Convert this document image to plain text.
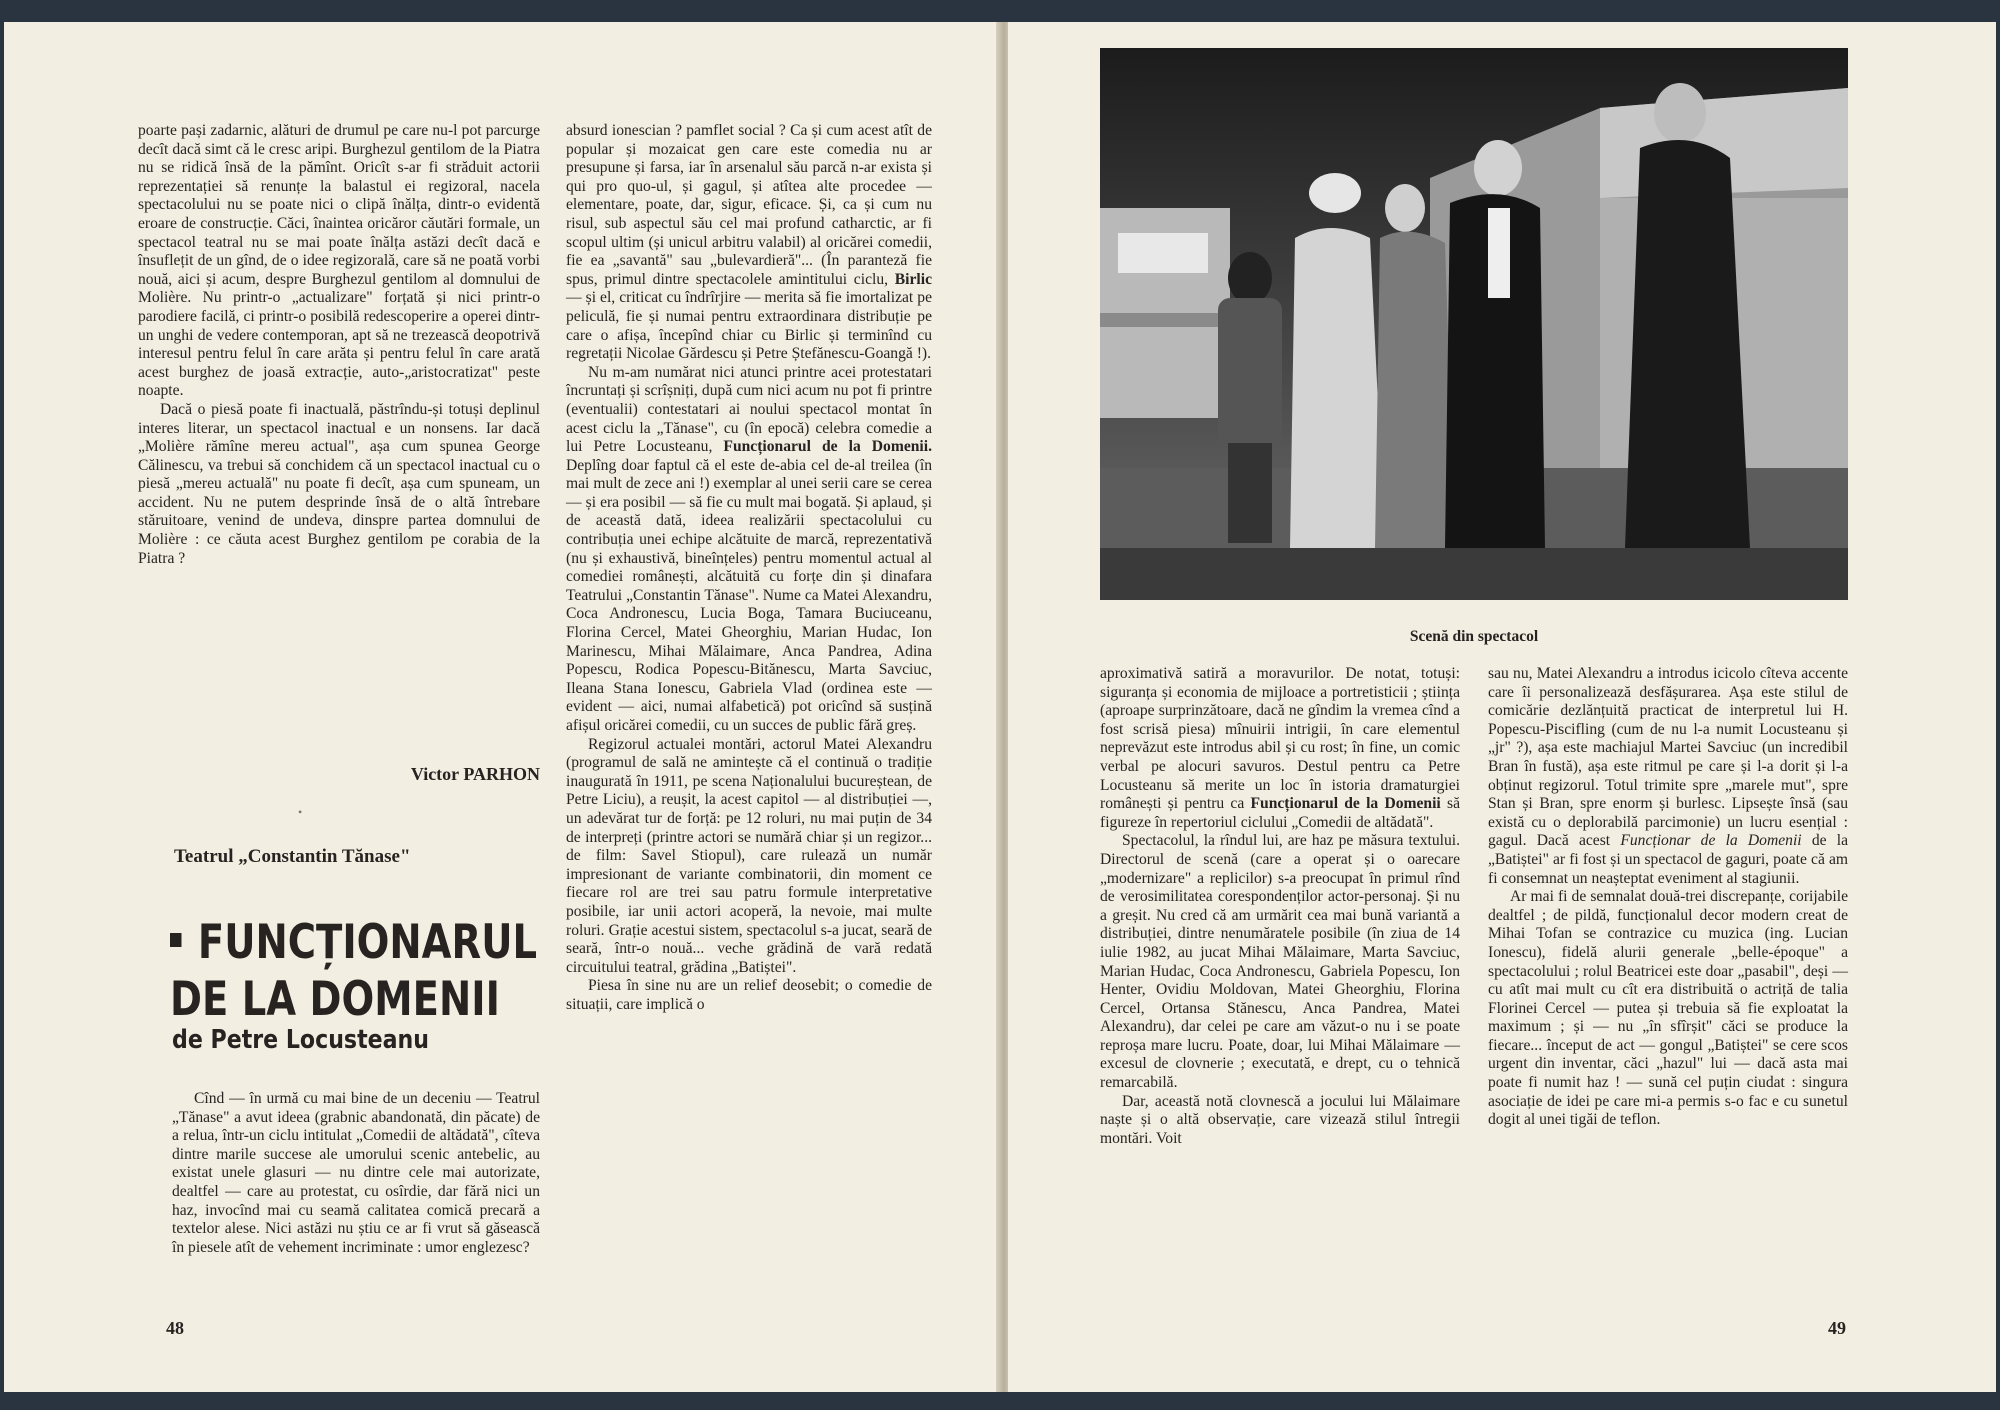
poarte pași zadarnic, alături de drumul pe care nu-l pot parcurge decît dacă simt că le cresc aripi. Burghezul gentilom de la Piatra nu se ridică însă de la pămînt. Oricît s-ar fi străduit actorii reprezentației să renunțe la balastul ei regizoral, nacela spectacolului nu se poate nici o clipă înălța, dintr-o evidentă eroare de construcție. Căci, înaintea oricăror căutări formale, un spectacol teatral nu se mai poate înălța astăzi decît dacă e însuflețit de un gînd, de o idee regizorală, care să ne poată vorbi nouă, aici și acum, despre Burghezul gentilom al domnului de Molière. Nu printr-o „actualizare" forțată și nici printr-o parodiere facilă, ci printr-o posibilă redescoperire a operei dintr-un unghi de vedere contemporan, apt să ne trezească deopotrivă interesul pentru felul în care arăta și pentru felul în care arată acest burghez de joasă extracție, auto-„aristocratizat" peste noapte.

Dacă o piesă poate fi inactuală, păstrîndu-și totuși deplinul interes literar, un spectacol inactual e un nonsens. Iar dacă „Molière rămîne mereu actual", așa cum spunea George Călinescu, va trebui să conchidem că un spectacol inactual cu o piesă „mereu actuală" nu poate fi decît, așa cum spuneam, un accident. Nu ne putem desprinde însă de o altă întrebare stăruitoare, venind de undeva, dinspre partea domnului de Molière : ce căuta acest Burghez gentilom pe corabia de la Piatra ?

Victor PARHON
•
Teatrul „Constantin Tănase"
FUNCȚIONARUL
DE LA DOMENII
de Petre Locusteanu

Cînd — în urmă cu mai bine de un deceniu — Teatrul „Tănase" a avut ideea (grabnic abandonată, din păcate) de a relua, într-un ciclu intitulat „Comedii de altădată", cîteva dintre marile succese ale umorului scenic antebelic, au existat unele glasuri — nu dintre cele mai autorizate, dealtfel — care au protestat, cu osîrdie, dar fără nici un haz, invocînd mai cu seamă calitatea comică precară a textelor alese. Nici astăzi nu știu ce ar fi vrut să găsească în piesele atît de vehement incriminate : umor englezesc?

absurd ionescian ? pamflet social ? Ca și cum acest atît de popular și mozaicat gen care este comedia nu ar presupune și farsa, iar în arsenalul său parcă n-ar exista și qui pro quo-ul, și gagul, și atîtea alte procedee — elementare, poate, dar, sigur, eficace. Și, ca și cum nu risul, sub aspectul său cel mai profund catharctic, ar fi scopul ultim (și unicul arbitru valabil) al oricărei comedii, fie ea „savantă" sau „bulevardieră"... (În paranteză fie spus, primul dintre spectacolele amintitului ciclu, Birlic — și el, criticat cu îndrîrjire — merita să fie imortalizat pe peliculă, fie și numai pentru extraordinara distribuție pe care o afișa, începînd chiar cu Birlic și terminînd cu regretații Nicolae Gărdescu și Petre Ștefănescu-Goangă !).

Nu m-am numărat nici atunci printre acei protestatari încruntați și scrîșniți, după cum nici acum nu pot fi printre (eventualii) contestatari ai noului spectacol montat în acest ciclu la „Tănase", cu (în epocă) celebra comedie a lui Petre Locusteanu, Funcționarul de la Domenii. Deplîng doar faptul că el este de-abia cel de-al treilea (în mai mult de zece ani !) exemplar al unei serii care se cerea — și era posibil — să fie cu mult mai bogată. Și aplaud, și de această dată, ideea realizării spectacolului cu contribuția unei echipe alcătuite de marcă, reprezentativă (nu și exhaustivă, bineînțeles) pentru momentul actual al comediei românești, alcătuită cu forțe din și dinafara Teatrului „Constantin Tănase". Nume ca Matei Alexandru, Coca Andronescu, Lucia Boga, Tamara Buciuceanu, Florina Cercel, Matei Gheorghiu, Marian Hudac, Ion Marinescu, Mihai Mălaimare, Anca Pandrea, Adina Popescu, Rodica Popescu-Bitănescu, Marta Savciuc, Ileana Stana Ionescu, Gabriela Vlad (ordinea este — evident — aici, numai alfabetică) pot oricînd să susțină afișul oricărei comedii, cu un succes de public fără greș.

Regizorul actualei montări, actorul Matei Alexandru (programul de sală ne amintește că el continuă o tradiție inaugurată în 1911, pe scena Naționalului bucureștean, de Petre Liciu), a reușit, la acest capitol — al distribuției —, un adevărat tur de forță: pe 12 roluri, nu mai puțin de 34 de interpreți (printre actori se numără chiar și un regizor... de film: Savel Stiopul), care rulează un număr impresionant de variante combinatorii, din moment ce fiecare rol are trei sau patru formule interpretative posibile, iar unii actori acoperă, la nevoie, mai multe roluri. Grație acestui sistem, spectacolul s-a jucat, seară de seară, într-o nouă... veche grădină de vară redată circuitului teatral, grădina „Batiștei".

Piesa în sine nu are un relief deosebit; o comedie de situații, care implică o

48
Scenă din spectacol

aproximativă satiră a moravurilor. De notat, totuși: siguranța și economia de mijloace a portretisticii ; știința (aproape surprinzătoare, dacă ne gîndim la vremea cînd a fost scrisă piesa) mînuirii intrigii, în care elementul neprevăzut este introdus abil și cu rost; în fine, un comic verbal pe alocuri savuros. Destul pentru ca Petre Locusteanu să merite un loc în istoria dramaturgiei românești și pentru ca Funcționarul de la Domenii să figureze în repertoriul ciclului „Comedii de altădată".

Spectacolul, la rîndul lui, are haz pe măsura textului. Directorul de scenă (care a operat și o oarecare „modernizare" a replicilor) s-a preocupat în primul rînd de verosimilitatea corespondenților actor-personaj. Și nu a greșit. Nu cred că am urmărit cea mai bună variantă a distribuției, dintre nenumăratele posibile (în ziua de 14 iulie 1982, au jucat Mihai Mălaimare, Marta Savciuc, Marian Hudac, Coca Andronescu, Gabriela Popescu, Ion Henter, Ovidiu Moldovan, Matei Gheorghiu, Florina Cercel, Ortansa Stănescu, Anca Pandrea, Matei Alexandru), dar celei pe care am văzut-o nu i se poate reproșa mare lucru. Poate, doar, lui Mihai Mălaimare — excesul de clovnerie ; executată, e drept, cu o tehnică remarcabilă.

Dar, această notă clovnescă a jocului lui Mălaimare naște și o altă observație, care vizează stilul întregii montări. Voit

sau nu, Matei Alexandru a introdus icicolo cîteva accente care îi personalizează desfășurarea. Așa este stilul de comicărie dezlănțuită practicat de interpretul lui H. Popescu-Piscifling (cum de nu l-a numit Locusteanu și „jr" ?), așa este machiajul Martei Savciuc (un incredibil Bran în fustă), așa este ritmul pe care și l-a dorit și l-a obținut regizorul. Totul trimite spre „marele mut", spre Stan și Bran, spre enorm și burlesc. Lipsește însă (sau există cu o deplorabilă parcimonie) un lucru esențial : gagul. Dacă acest Funcționar de la Domenii de la „Batiștei" ar fi fost și un spectacol de gaguri, poate că am fi consemnat un neașteptat eveniment al stagiunii.

Ar mai fi de semnalat două-trei discrepanțe, corijabile dealtfel ; de pildă, funcționalul decor modern creat de Mihai Tofan se contrazice cu muzica (ing. Lucian Ionescu), fidelă alurii generale „belle-époque" a spectacolului ; rolul Beatricei este doar „pasabil", deși — cu atît mai mult cu cît era distribuită o actriță de talia Florinei Cercel — putea și trebuia să fie exploatat la maximum ; și — nu „în sfîrșit" căci se produce la fiecare... început de act — gongul „Batiștei" se cere scos urgent din inventar, căci „hazul" lui — dacă asta mai poate fi numit haz ! — sună cel puțin ciudat : singura asociație de idei pe care mi-a permis s-o fac e cu sunetul dogit al unei tigăi de teflon.

49
